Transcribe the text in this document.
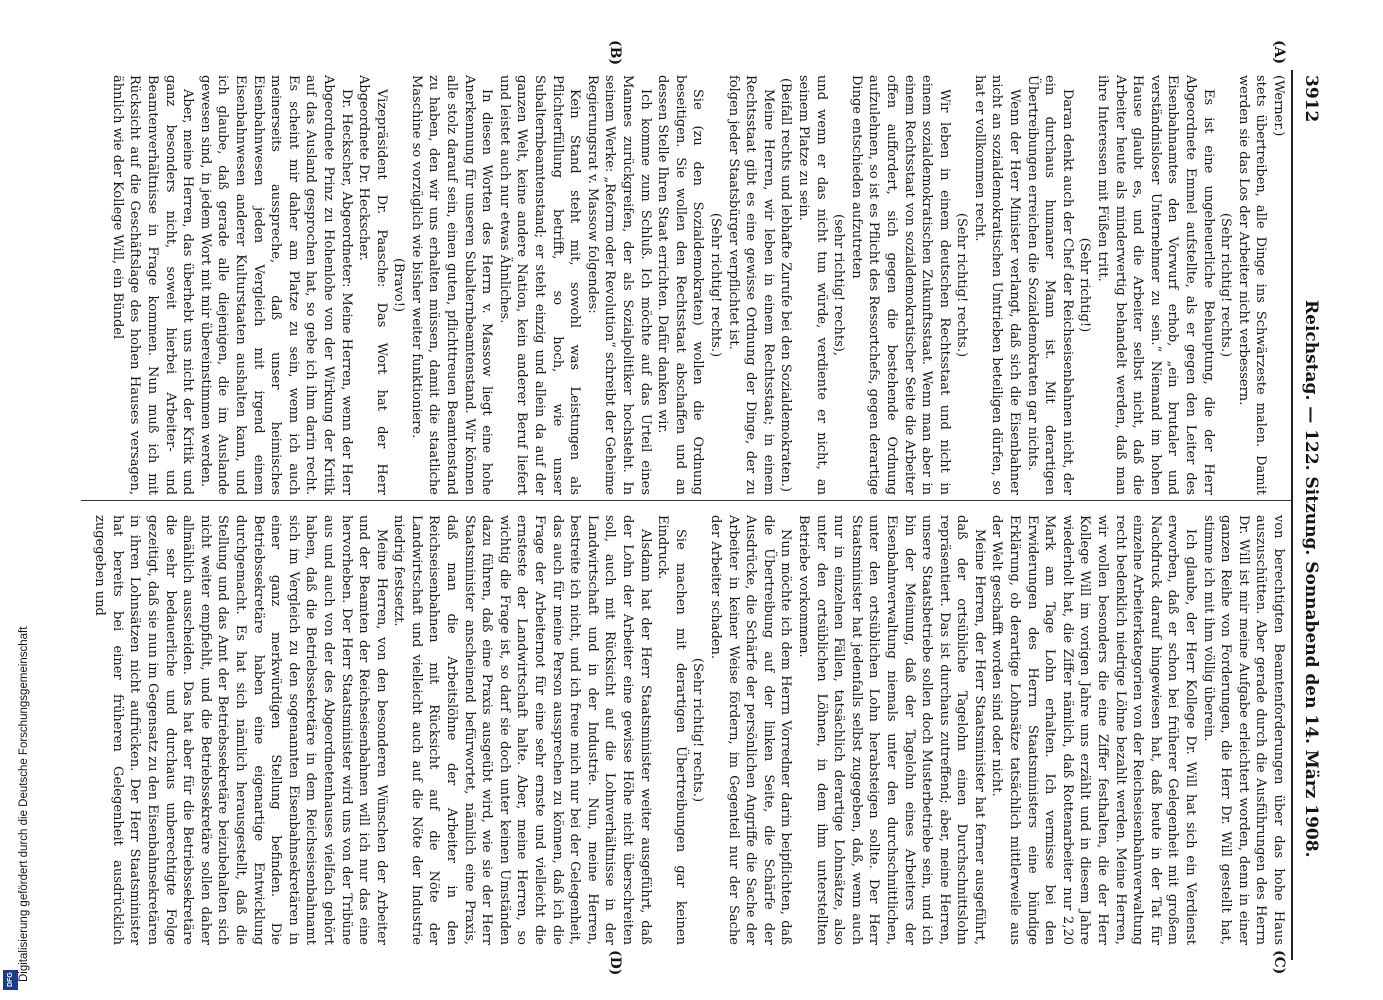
3912
Reichstag. — 122. Sitzung. Sonnabend den 14. März 1908.
(A)
(B)
(C)
(D)

(Werner.)

stets übertreiben, alle Dinge ins Schwärzeste malen. Damit werden sie das Los der Arbeiter nicht verbessern.

(Sehr richtig! rechts.)

Es ist eine ungeheuerliche Behauptung, die der Herr Abgeordnete Emmel aufstellte, als er gegen den Leiter des Eisenbahnamtes den Vorwurf erhob, „ein brutaler und verständnisloser Unternehmer zu sein.“ Niemand im hohen Hause glaubt es, und die Arbeiter selbst nicht, daß die Arbeiter heute als minderwertig behandelt werden, daß man ihre Interessen mit Füßen tritt.

(Sehr richtig!)

Daran denkt auch der Chef der Reichseisenbahnen nicht, der ein durchaus humaner Mann ist. Mit derartigen Übertreibungen erreichen die Sozialdemokraten gar nichts.

Wenn der Herr Minister verlangt, daß sich die Eisenbahner nicht an sozialdemokratischen Umtrieben beteiligen dürfen, so hat er vollkommen recht.

(Sehr richtig! rechts.)

Wir leben in einem deutschen Rechtsstaat und nicht in einem sozialdemokratischen Zukunftsstaat. Wenn man aber in einem Rechtsstaat von sozialdemokratischer Seite die Arbeiter offen auffordert, sich gegen die bestehende Ordnung aufzulehnen, so ist es Pflicht des Ressortchefs, gegen derartige Dinge entschieden aufzutreten

(sehr richtig! rechts),

und wenn er das nicht tun würde, verdiente er nicht, an seinem Platze zu sein.

(Beifall rechts und lebhafte Zurufe bei den Sozialdemokraten.)

Meine Herren, wir leben in einem Rechtsstaat; in einem Rechtsstaat gibt es eine gewisse Ordnung der Dinge, der zu folgen jeder Staatsbürger verpflichtet ist.

(Sehr richtig! rechts.)

Sie (zu den Sozialdemokraten) wollen die Ordnung beseitigen. Sie wollen den Rechtsstaat abschaffen und an dessen Stelle Ihren Staat errichten. Dafür danken wir.

Ich komme zum Schluß. Ich möchte auf das Urteil eines Mannes zurückgreifen, der als Sozialpolitiker hochsteht. In seinem Werke: „Reform oder Revolution“ schreibt der Geheime Regierungsrat v. Massow folgendes:

Kein Stand steht mit, sowohl was Leistungen als Pflichterfüllung betrifft, so hoch, wie unser Subalternbeamtenstand; er steht einzig und allein da auf der ganzen Welt, keine andere Nation, kein anderer Beruf liefert und leistet auch nur etwas Ähnliches.

In diesen Worten des Herrn v. Massow liegt eine hohe Anerkennung für unseren Subalternbeamtenstand. Wir können alle stolz darauf sein, einen guten, pflichttreuen Beamtenstand zu haben, den wir uns erhalten müssen, damit die staatliche Maschine so vorzüglich wie bisher weiter funktioniere.

(Bravo!)

Vizepräsident Dr. Paasche: Das Wort hat der Herr Abgeordnete Dr. Heckscher.

Dr. Heckscher, Abgeordneter: Meine Herren, wenn der Herr Abgeordnete Prinz zu Hohenlohe von der Wirkung der Kritik auf das Ausland gesprochen hat, so gebe ich ihm darin recht. Es scheint mir daher am Platze zu sein, wenn ich auch meinerseits ausspreche, daß unser heimisches Eisenbahnwesen jeden Vergleich mit irgend einem Eisenbahnwesen anderer Kulturstaaten aushalten kann, und ich glaube, daß gerade alle diejenigen, die im Auslande gewesen sind, in jedem Wort mit mir übereinstimmen werden.

Aber, meine Herren, das überhebt uns nicht der Kritik und ganz besonders nicht, soweit hierbei Arbeiter- und Beamtenverhältnisse in Frage kommen. Nun muß ich mit Rücksicht auf die Geschäftslage des hohen Hauses versagen, ähnlich wie der Kollege Will, ein Bündel

von berechtigten Beamtenforderungen über das hohe Haus auszuschütten. Aber gerade durch die Ausführungen des Herrn Dr. Will ist mir meine Aufgabe erleichtert worden, denn in einer ganzen Reihe von Forderungen, die Herr Dr. Will gestellt hat, stimme ich mit ihm völlig überein.

Ich glaube, der Herr Kollege Dr. Will hat sich ein Verdienst erworben, daß er schon bei früherer Gelegenheit mit großem Nachdruck darauf hingewiesen hat, daß heute in der Tat für einzelne Arbeiterkategorien von der Reichseisenbahnverwaltung recht bedenklich niedrige Löhne bezahlt werden. Meine Herren, wir wollen besonders die eine Ziffer festhalten, die der Herr Kollege Will im vorigen Jahre uns erzählt und in diesem Jahre wiederholt hat, die Ziffer nämlich, daß Rottenarbeiter nur 2,20 Mark am Tage Lohn erhalten. Ich vermisse bei den Erwiderungen des Herrn Staatsministers eine bündige Erklärung, ob derartige Lohnsätze tatsächlich mittlerweile aus der Welt geschafft worden sind oder nicht.

Meine Herren, der Herr Staatsminister hat ferner ausgeführt, daß der ortsübliche Tagelohn einen Durchschnittslohn repräsentiert. Das ist durchaus zutreffend; aber, meine Herren, unsere Staatsbetriebe sollen doch Musterbetriebe sein, und ich bin der Meinung, daß der Tagelohn eines Arbeiters der Eisenbahnverwaltung niemals unter den durchschnittlichen, unter den ortsüblichen Lohn herabsteigen sollte. Der Herr Staatsminister hat jedenfalls selbst zugegeben, daß, wenn auch nur in einzelnen Fällen, tatsächlich derartige Lohnsätze, also unter den ortsüblichen Löhnen, in dem ihm unterstellten Betriebe vorkommen.

Nun möchte ich dem Herrn Vorredner darin beipflichten, daß die Übertreibung auf der linken Seite, die Schärfe der Ausdrücke, die Schärfe der persönlichen Angriffe die Sache der Arbeiter in keiner Weise fördern, im Gegenteil nur der Sache der Arbeiter schaden.

(Sehr richtig! rechts.)

Sie machen mit derartigen Übertreibungen gar keinen Eindruck.

Alsdann hat der Herr Staatsminister weiter ausgeführt, daß der Lohn der Arbeiter eine gewisse Höhe nicht überschreiten soll, auch mit Rücksicht auf die Lohnverhältnisse in der Landwirtschaft und in der Industrie. Nun, meine Herren, bestreite ich nicht, und ich freue mich nur bei der Gelegenheit, das auch für meine Person aussprechen zu können, daß ich die Frage der Arbeiternot für eine sehr ernste und vielleicht die ernsteste der Landwirtschaft halte. Aber, meine Herren, so wichtig die Frage ist, so darf sie doch unter keinen Umständen dazu führen, daß eine Praxis ausgeübt wird, wie sie der Herr Staatsminister anscheinend befürwortet, nämlich eine Praxis, daß man die Arbeitslöhne der Arbeiter in den Reichseisenbahnen mit Rücksicht auf die Nöte der Landwirtschaft und vielleicht auch auf die Nöte der Industrie niedrig festsetzt.

Meine Herren, von den besonderen Wünschen der Arbeiter und der Beamten der Reichseisenbahnen will ich nur das eine hervorheben. Der Herr Staatsminister wird uns von der Tribüne aus und auch von der des Abgeordnetenhauses vielfach gehört haben, daß die Betriebssekretäre in dem Reichseisenbahnamt sich im Vergleich zu den sogenannten Eisenbahnsekretären in einer ganz merkwürdigen Stellung befinden. Die Betriebssekretäre haben eine eigenartige Entwicklung durchgemacht. Es hat sich nämlich herausgestellt, daß die Stellung und das Amt der Betriebssekretäre beizubehalten sich nicht weiter empfiehlt, und die Betriebssekretäre sollen daher allmählich ausscheiden. Das hat aber für die Betriebssekretäre die sehr bedauerliche und durchaus unberechtigte Folge gezeitigt, daß sie nun im Gegensatz zu den Eisenbahnsekretären in ihren Lohnsätzen nicht aufrücken. Der Herr Staatsminister hat bereits bei einer früheren Gelegenheit ausdrücklich zugegeben und

DFG Digitalisierung gefördert durch die Deutsche Forschungsgemeinschaft
